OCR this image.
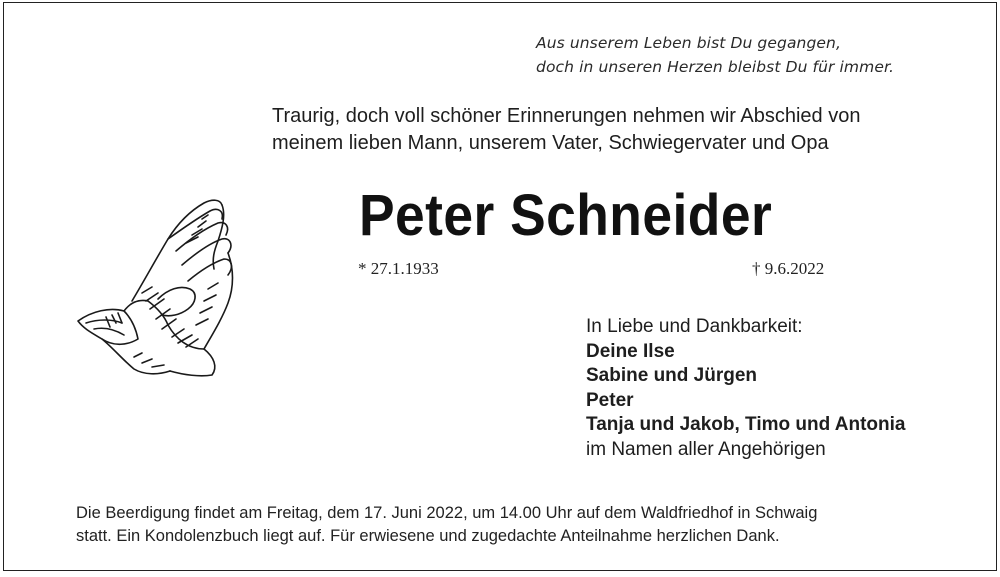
Aus unserem Leben bist Du gegangen,
doch in unseren Herzen bleibst Du für immer.
Traurig, doch voll schöner Erinnerungen nehmen wir Abschied von
meinem lieben Mann, unserem Vater, Schwiegervater und Opa
Peter Schneider
* 27.1.1933	† 9.6.2022
In Liebe und Dankbarkeit:
Deine Ilse
Sabine und Jürgen
Peter
Tanja und Jakob, Timo und Antonia
im Namen aller Angehörigen
Die Beerdigung findet am Freitag, dem 17. Juni 2022, um 14.00 Uhr auf dem Waldfriedhof in Schwaig
statt. Ein Kondolenzbuch liegt auf. Für erwiesene und zugedachte Anteilnahme herzlichen Dank.
